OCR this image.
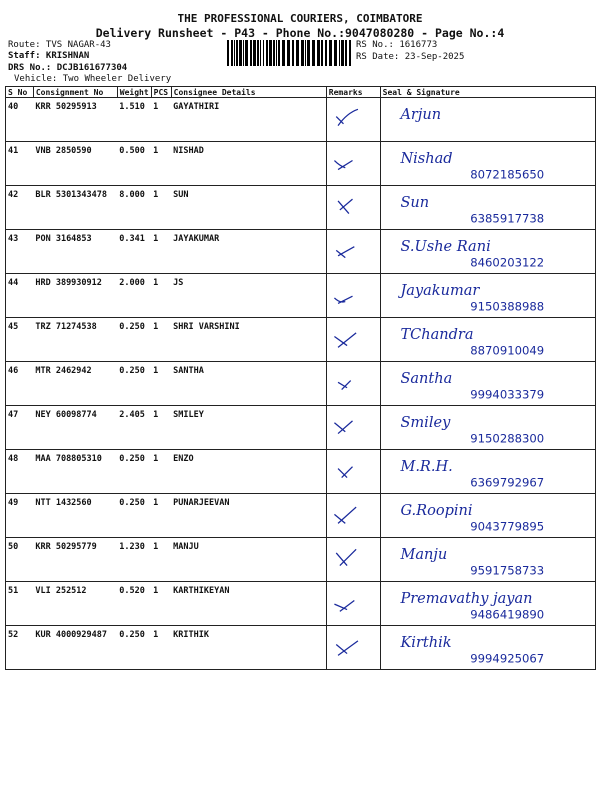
THE PROFESSIONAL COURIERS, COIMBATORE
Delivery Runsheet - P43 - Phone No.:9047080280 - Page No.:4
Route: TVS NAGAR-43
Staff: KRISHNAN
DRS No.: DCJB161677304
Vehicle: Two Wheeler Delivery
RS No.: 1616773
RS Date: 23-Sep-2025
S No	Consignment No	Weight	PCS	Consignee Details	Remarks	Seal & Signature
40	KRR 50295913	1.510	1	GAYATHIRI		Arjun

41	VNB 2850590	0.500	1	NISHAD		Nishad
8072185650

42	BLR 5301343478	8.000	1	SUN		Sun
6385917738

43	PON 3164853	0.341	1	JAYAKUMAR		S.Ushe Rani
8460203122

44	HRD 389930912	2.000	1	JS		Jayakumar
9150388988

45	TRZ 71274538	0.250	1	SHRI VARSHINI		TChandra
8870910049

46	MTR 2462942	0.250	1	SANTHA		Santha
9994033379

47	NEY 60098774	2.405	1	SMILEY		Smiley
9150288300

48	MAA 708805310	0.250	1	ENZO		M.R.H.
6369792967

49	NTT 1432560	0.250	1	PUNARJEEVAN		G.Roopini
9043779895

50	KRR 50295779	1.230	1	MANJU		Manju
9591758733

51	VLI 252512	0.520	1	KARTHIKEYAN		Premavathy jayan
9486419890

52	KUR 4000929487	0.250	1	KRITHIK		Kirthik
9994925067
